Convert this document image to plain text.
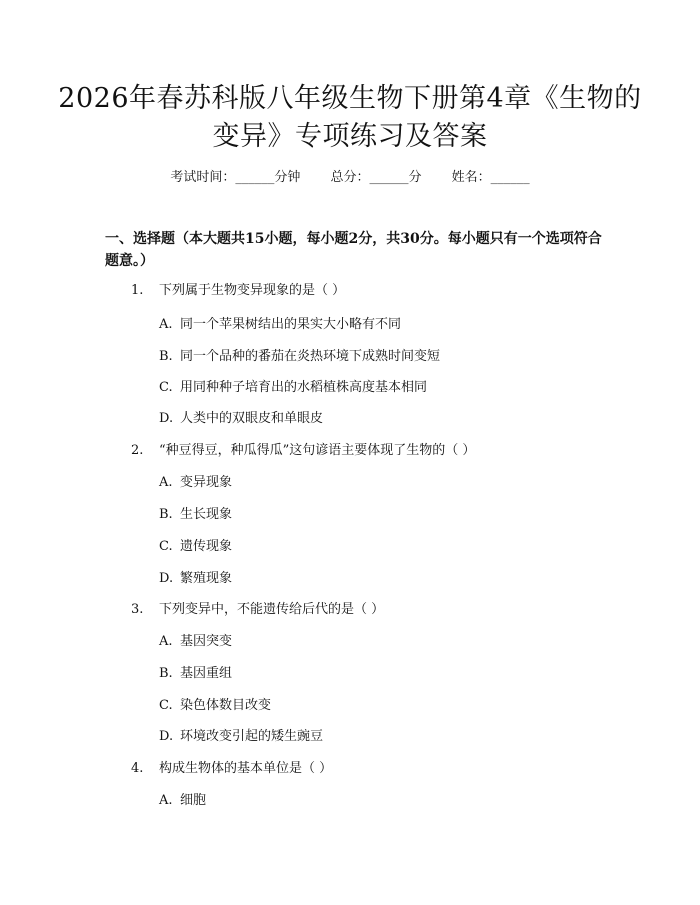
2026年春苏科版八年级生物下册第4章《生物的变异》专项练习及答案
考试时间：______分钟 总分：______分 姓名：______
一、选择题（本大题共15小题，每小题2分，共30分。每小题只有一个选项符合题意。）
1. 下列属于生物变异现象的是（ ）
A. 同一个苹果树结出的果实大小略有不同
B. 同一个品种的番茄在炎热环境下成熟时间变短
C. 用同种种子培育出的水稻植株高度基本相同
D. 人类中的双眼皮和单眼皮
2. “种豆得豆，种瓜得瓜”这句谚语主要体现了生物的（ ）
A. 变异现象
B. 生长现象
C. 遗传现象
D. 繁殖现象
3. 下列变异中，不能遗传给后代的是（ ）
A. 基因突变
B. 基因重组
C. 染色体数目改变
D. 环境改变引起的矮生豌豆
4. 构成生物体的基本单位是（ ）
A. 细胞
